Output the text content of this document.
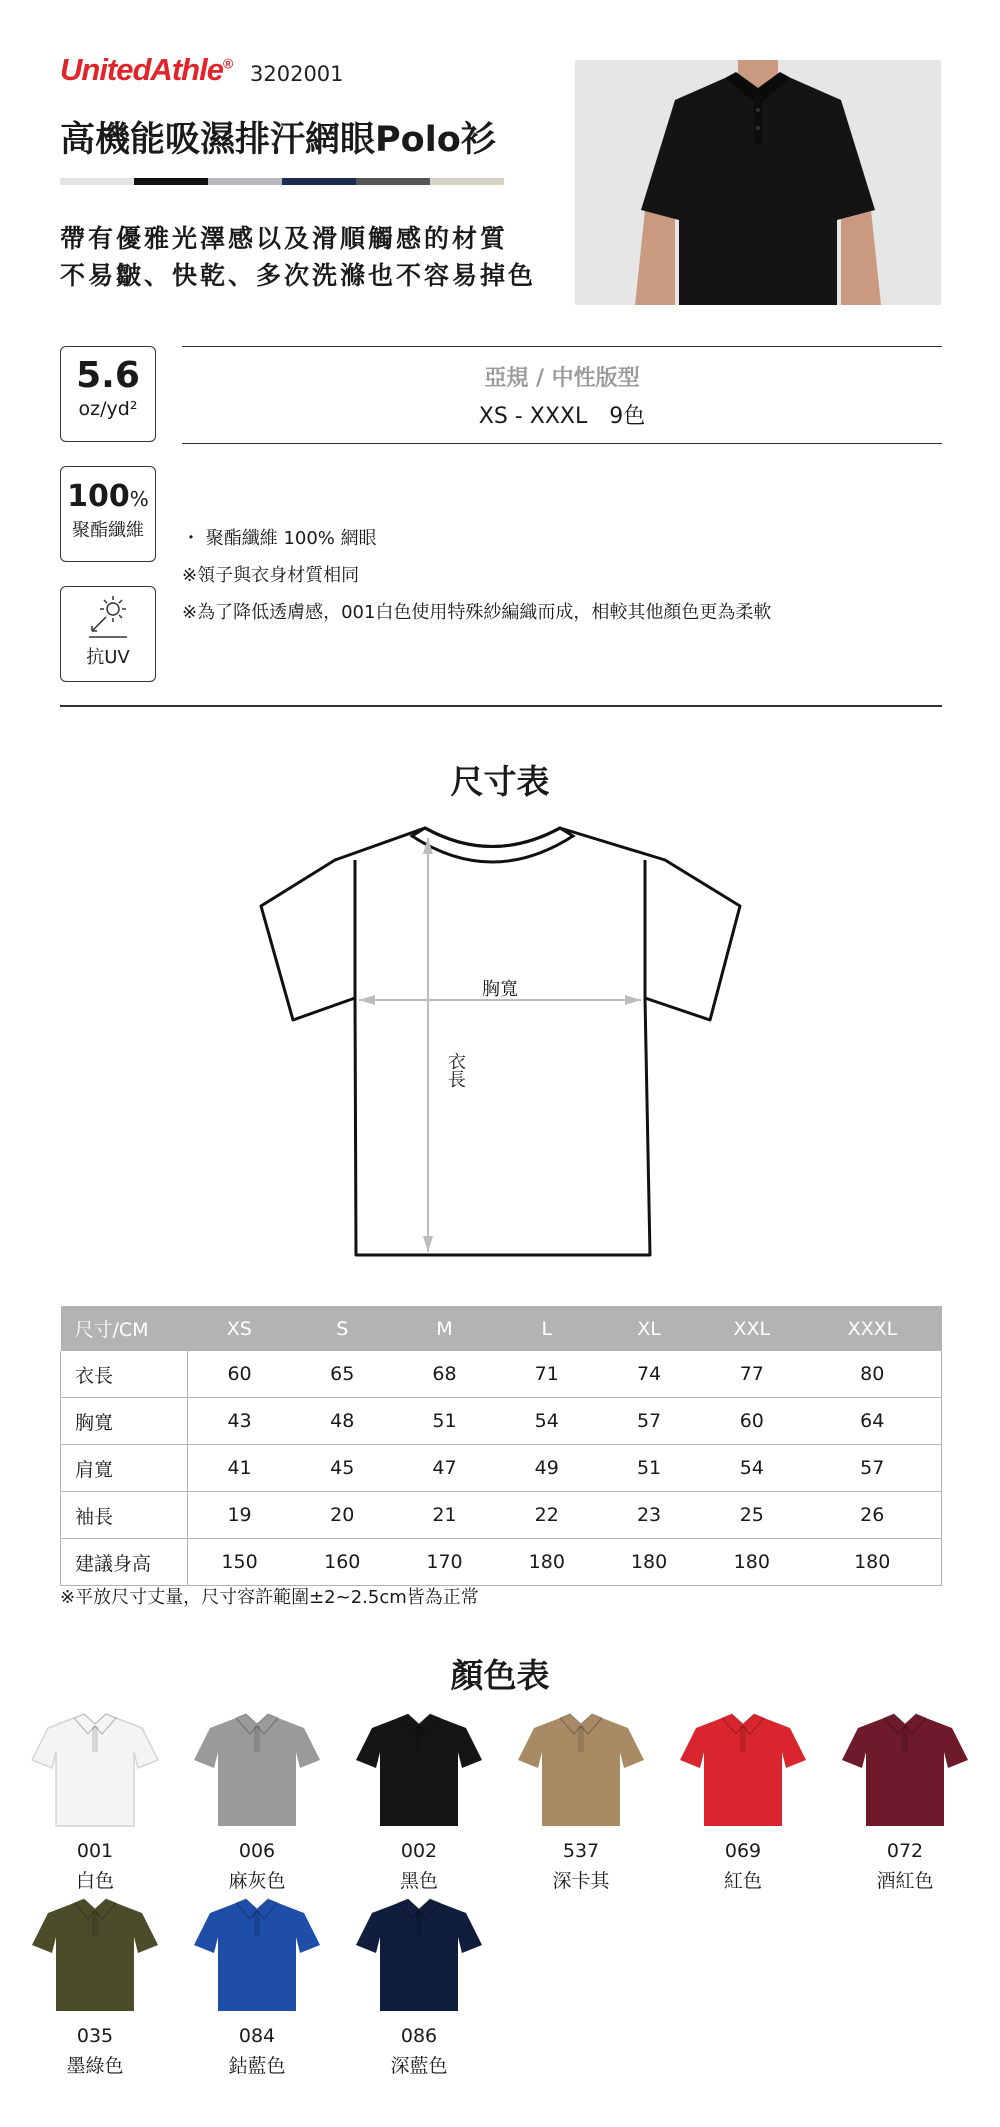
UnitedAthle® 3202001
高機能吸濕排汗網眼Polo衫
帶有優雅光澤感以及滑順觸感的材質
不易皺、快乾、多次洗滌也不容易掉色
5.6
oz/yd²
亞規 / 中性版型
XS - XXXL　9色
100%
聚酯纖維
抗UV
・ 聚酯纖維 100% 網眼
※領子與衣身材質相同
※為了降低透膚感，001白色使用特殊紗編織而成，相較其他顏色更為柔軟
尺寸表
胸寬
衣長
尺寸/CM	XS	S	M	L	XL	XXL	XXXL
衣長	60	65	68	71	74	77	80
胸寬	43	48	51	54	57	60	64
肩寬	41	45	47	49	51	54	57
袖長	19	20	21	22	23	25	26
建議身高	150	160	170	180	180	180	180
※平放尺寸丈量，尺寸容許範圍±2~2.5cm皆為正常
顏色表
001
白色
006
麻灰色
002
黑色
537
深卡其
069
紅色
072
酒紅色
035
墨綠色
084
鈷藍色
086
深藍色
